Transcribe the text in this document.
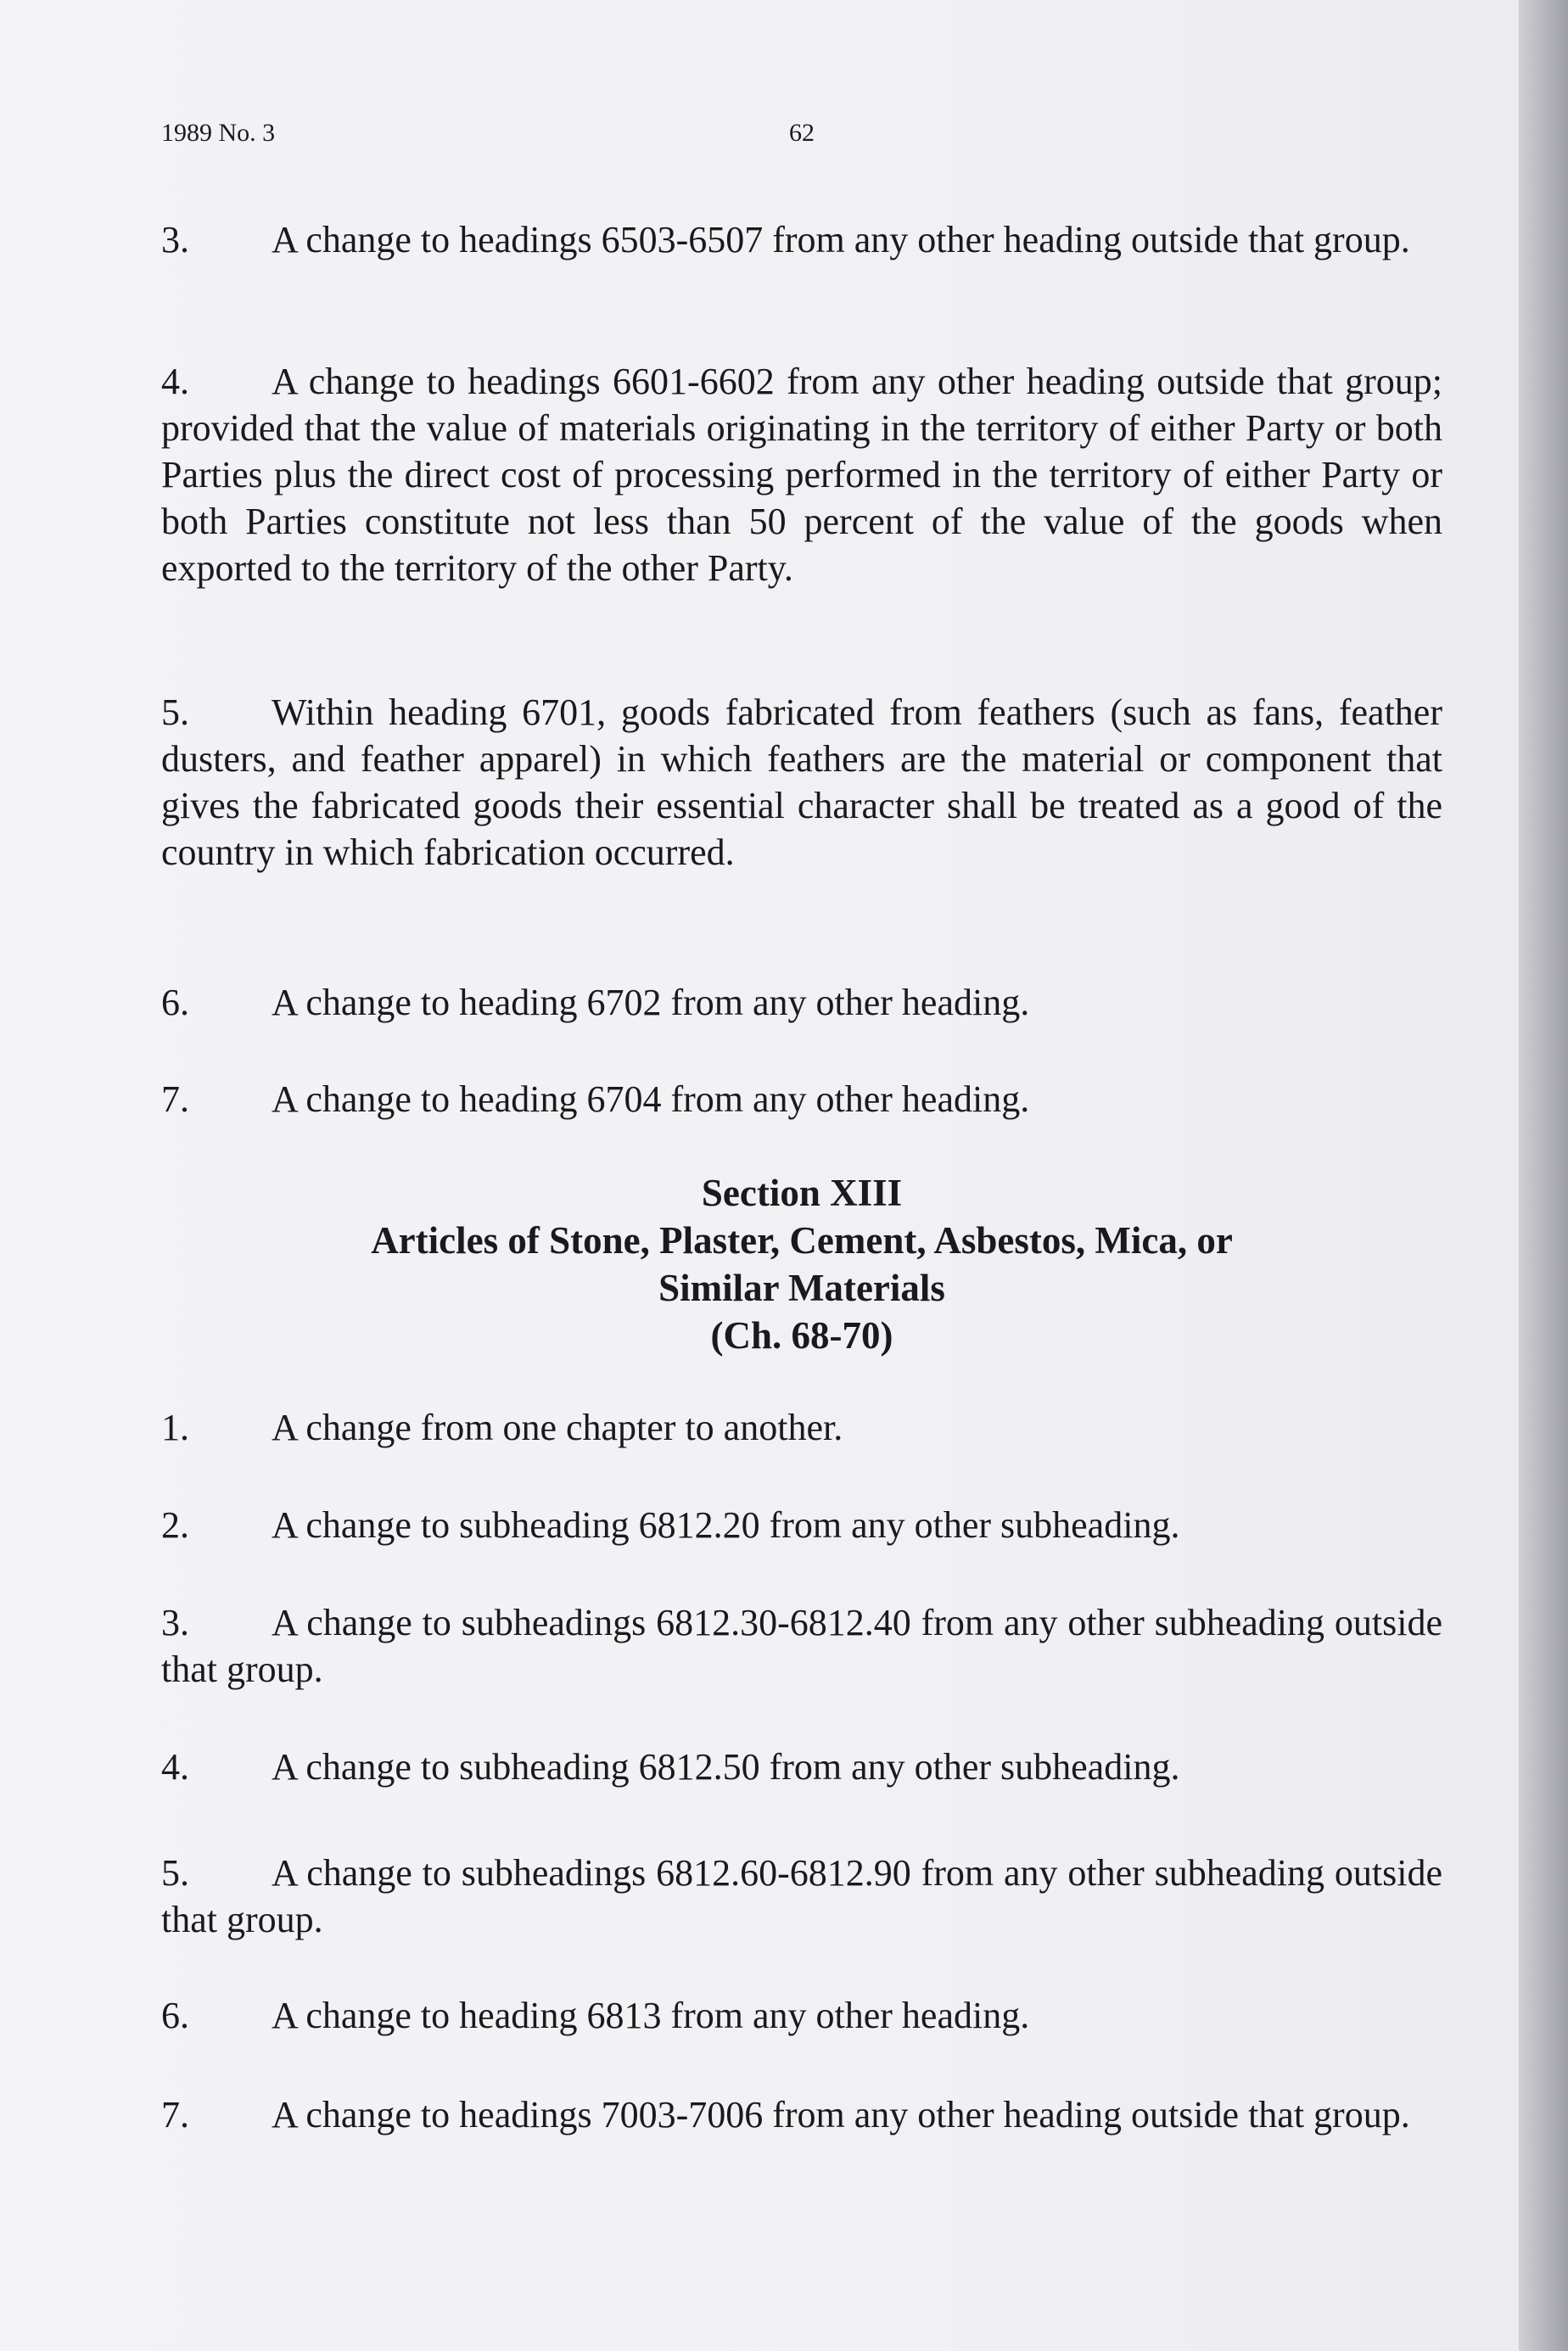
1989 No. 3	62
3. A change to headings 6503-6507 from any other heading outside that group.
4. A change to headings 6601-6602 from any other heading outside that group; provided that the value of materials originating in the territory of either Party or both Parties plus the direct cost of processing performed in the territory of either Party or both Parties constitute not less than 50 percent of the value of the goods when exported to the territory of the other Party.
5. Within heading 6701, goods fabricated from feathers (such as fans, feather dusters, and feather apparel) in which feathers are the material or component that gives the fabricated goods their essential character shall be treated as a good of the country in which fabrication occurred.
6. A change to heading 6702 from any other heading.
7. A change to heading 6704 from any other heading.
Section XIII
Articles of Stone, Plaster, Cement, Asbestos, Mica, or Similar Materials
(Ch. 68-70)
1. A change from one chapter to another.
2. A change to subheading 6812.20 from any other subheading.
3. A change to subheadings 6812.30-6812.40 from any other subheading outside that group.
4. A change to subheading 6812.50 from any other subheading.
5. A change to subheadings 6812.60-6812.90 from any other subheading outside that group.
6. A change to heading 6813 from any other heading.
7. A change to headings 7003-7006 from any other heading outside that group.
